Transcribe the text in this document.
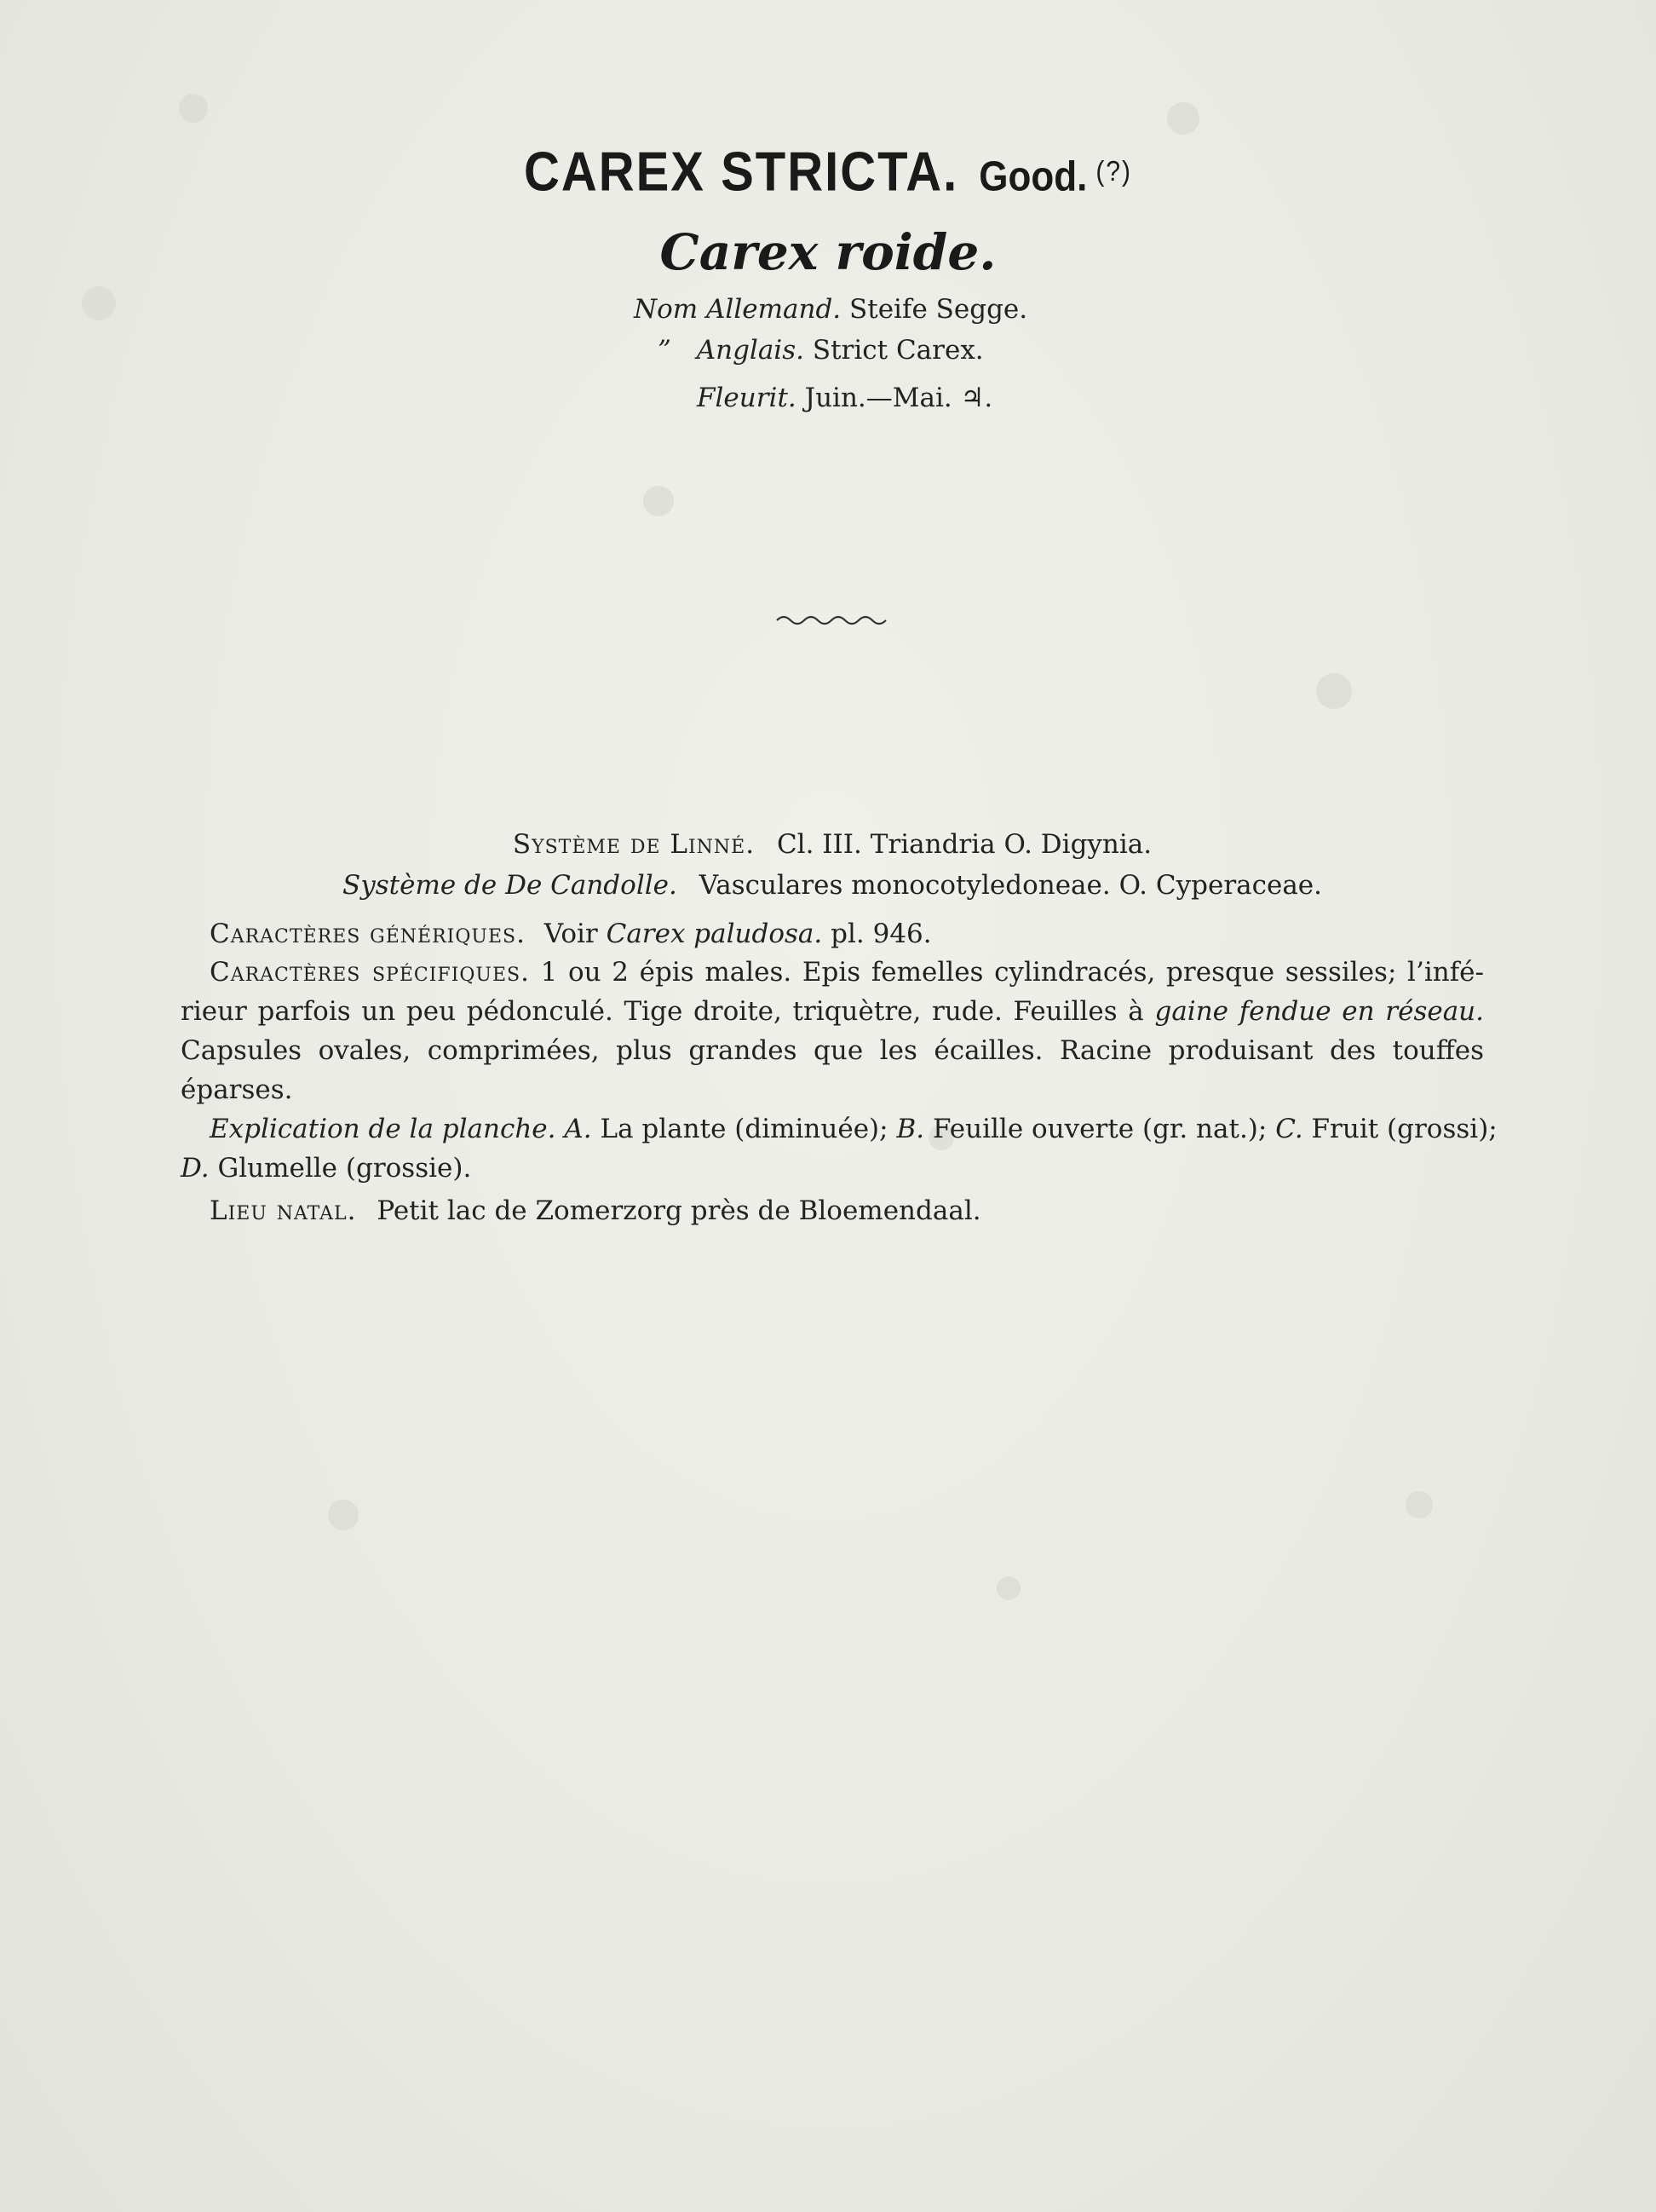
CAREX STRICTA. Good. (?)
Carex roide.
Nom Allemand. Steife Segge.
” Anglais. Strict Carex.
Fleurit. Juin.—Mai. ♃.
Système de Linné. Cl. III. Triandria O. Digynia.
Système de De Candolle. Vasculares monocotyledoneae. O. Cyperaceae.
Caractères génériques. Voir Carex paludosa. pl. 946.
Caractères spécifiques. 1 ou 2 épis males. Epis femelles cylindracés, presque sessiles; l’infé-
rieur parfois un peu pédonculé. Tige droite, triquètre, rude. Feuilles à gaine fendue en réseau.
Capsules ovales, comprimées, plus grandes que les écailles. Racine produisant des touffes
éparses.
Explication de la planche. A. La plante (diminuée); B. Feuille ouverte (gr. nat.); C. Fruit (grossi);
D. Glumelle (grossie).
Lieu natal. Petit lac de Zomerzorg près de Bloemendaal.
